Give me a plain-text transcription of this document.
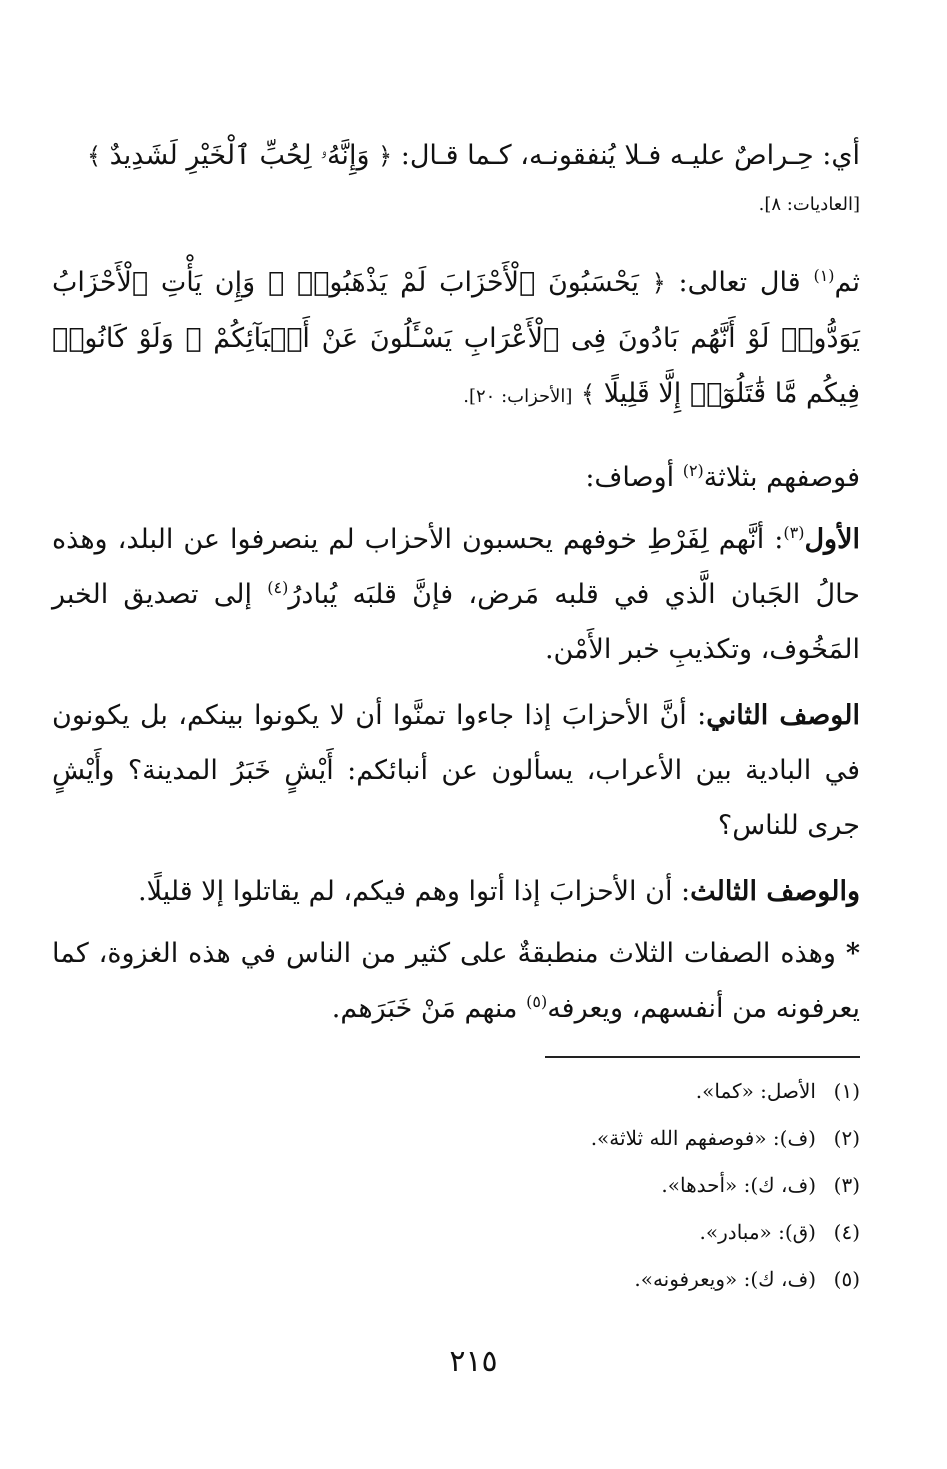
أي: حِـراصٌ عليـه فـلا يُنفقونـه، كـما قـال: ﴿ وَإِنَّهُۥ لِحُبِّ ٱلْخَيْرِ لَشَدِيدٌ ﴾

[العاديات: ٨].

ثم$^{(١)}$ قال تعالى: ﴿ يَحْسَبُونَ ٱلْأَحْزَابَ لَمْ يَذْهَبُوا۟ ۖ وَإِن يَأْتِ ٱلْأَحْزَابُ يَوَدُّوا۟ لَوْ أَنَّهُم بَادُونَ فِى ٱلْأَعْرَابِ يَسْـَٔلُونَ عَنْ أَنۢبَآئِكُمْ ۖ وَلَوْ كَانُوا۟ فِيكُم مَّا قَٰتَلُوٓا۟ إِلَّا قَلِيلًا ﴾ [الأحزاب: ٢٠].

فوصفهم بثلاثة$^{(٢)}$ أوصاف:

الأول$^{(٣)}$: أنَّهم لِفَرْطِ خوفهم يحسبون الأحزاب لم ينصرفوا عن البلد، وهذه حالُ الجَبان الَّذي في قلبه مَرض، فإنَّ قلبَه يُبادرُ$^{(٤)}$ إلى تصديق الخبر المَخُوف، وتكذيبِ خبر الأَمْن.

الوصف الثاني: أنَّ الأحزابَ إذا جاءوا تمنَّوا أن لا يكونوا بينكم، بل يكونون في البادية بين الأعراب، يسألون عن أنبائكم: أَيْشٍ خَبَرُ المدينة؟ وأَيْشٍ جرى للناس؟

والوصف الثالث: أن الأحزابَ إذا أتوا وهم فيكم، لم يقاتلوا إلا قليلًا.

* وهذه الصفات الثلاث منطبقةٌ على كثير من الناس في هذه الغزوة، كما يعرفونه من أنفسهم، ويعرفه$^{(٥)}$ منهم مَنْ خَبَرَهم.

(١)الأصل: «كما».

(٢)(ف): «فوصفهم الله ثلاثة».

(٣)(ف، ك): «أحدها».

(٤)(ق): «مبادر».

(٥)(ف، ك): «ويعرفونه».

٢١٥
